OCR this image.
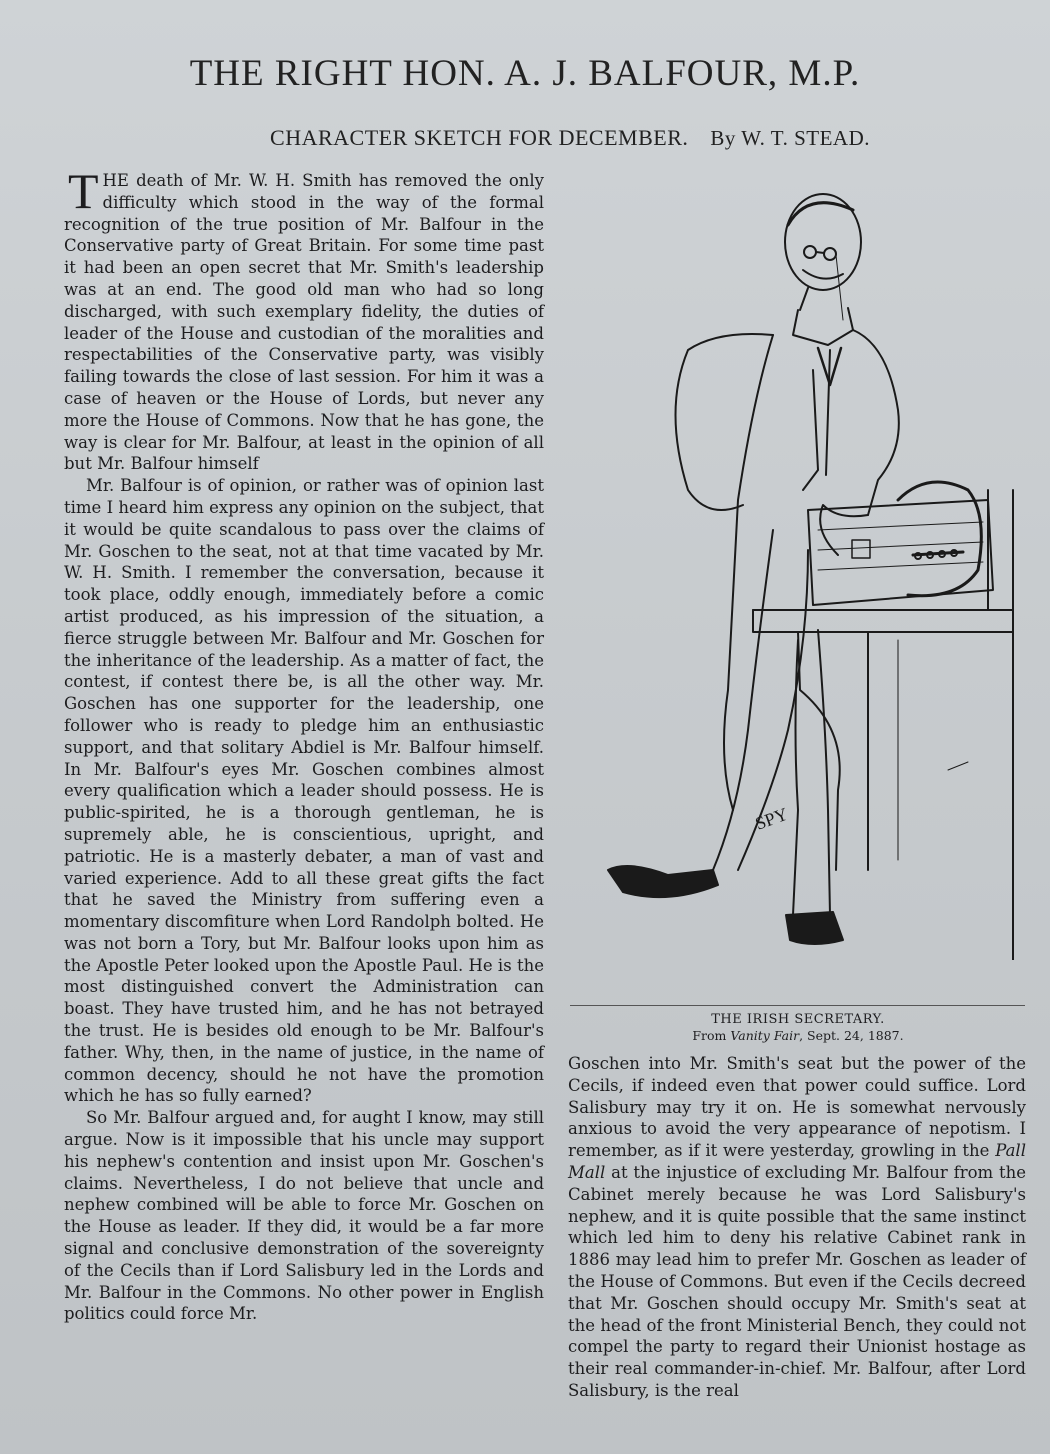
THE RIGHT HON. A. J. BALFOUR, M.P.
CHARACTER SKETCH FOR DECEMBER. By W. T. STEAD.

THE death of Mr. W. H. Smith has removed the only difficulty which stood in the way of the formal recognition of the true position of Mr. Balfour in the Conservative party of Great Britain. For some time past it had been an open secret that Mr. Smith's leadership was at an end. The good old man who had so long discharged, with such exemplary fidelity, the duties of leader of the House and custodian of the moralities and respectabilities of the Conservative party, was visibly failing towards the close of last session. For him it was a case of heaven or the House of Lords, but never any more the House of Commons. Now that he has gone, the way is clear for Mr. Balfour, at least in the opinion of all but Mr. Balfour himself

Mr. Balfour is of opinion, or rather was of opinion last time I heard him express any opinion on the subject, that it would be quite scandalous to pass over the claims of Mr. Goschen to the seat, not at that time vacated by Mr. W. H. Smith. I remember the conversation, because it took place, oddly enough, immediately before a comic artist produced, as his impression of the situation, a fierce struggle between Mr. Balfour and Mr. Goschen for the inheritance of the leadership. As a matter of fact, the contest, if contest there be, is all the other way. Mr. Goschen has one supporter for the leadership, one follower who is ready to pledge him an enthusiastic support, and that solitary Abdiel is Mr. Balfour himself. In Mr. Balfour's eyes Mr. Goschen combines almost every qualification which a leader should possess. He is public-spirited, he is a thorough gentleman, he is supremely able, he is conscientious, upright, and patriotic. He is a masterly debater, a man of vast and varied experience. Add to all these great gifts the fact that he saved the Ministry from suffering even a momentary discomfiture when Lord Randolph bolted. He was not born a Tory, but Mr. Balfour looks upon him as the Apostle Peter looked upon the Apostle Paul. He is the most distinguished convert the Administration can boast. They have trusted him, and he has not betrayed the trust. He is besides old enough to be Mr. Balfour's father. Why, then, in the name of justice, in the name of common decency, should he not have the promotion which he has so fully earned?

So Mr. Balfour argued and, for aught I know, may still argue. Now is it impossible that his uncle may support his nephew's contention and insist upon Mr. Goschen's claims. Nevertheless, I do not believe that uncle and nephew combined will be able to force Mr. Goschen on the House as leader. If they did, it would be a far more signal and conclusive demonstration of the sovereignty of the Cecils than if Lord Salisbury led in the Lords and Mr. Balfour in the Commons. No other power in English politics could force Mr.

SPY
THE IRISH SECRETARY.
From Vanity Fair, Sept. 24, 1887.

Goschen into Mr. Smith's seat but the power of the Cecils, if indeed even that power could suffice. Lord Salisbury may try it on. He is somewhat nervously anxious to avoid the very appearance of nepotism. I remember, as if it were yesterday, growling in the Pall Mall at the injustice of excluding Mr. Balfour from the Cabinet merely because he was Lord Salisbury's nephew, and it is quite possible that the same instinct which led him to deny his relative Cabinet rank in 1886 may lead him to prefer Mr. Goschen as leader of the House of Commons. But even if the Cecils decreed that Mr. Goschen should occupy Mr. Smith's seat at the head of the front Ministerial Bench, they could not compel the party to regard their Unionist hostage as their real commander-in-chief. Mr. Balfour, after Lord Salisbury, is the real
